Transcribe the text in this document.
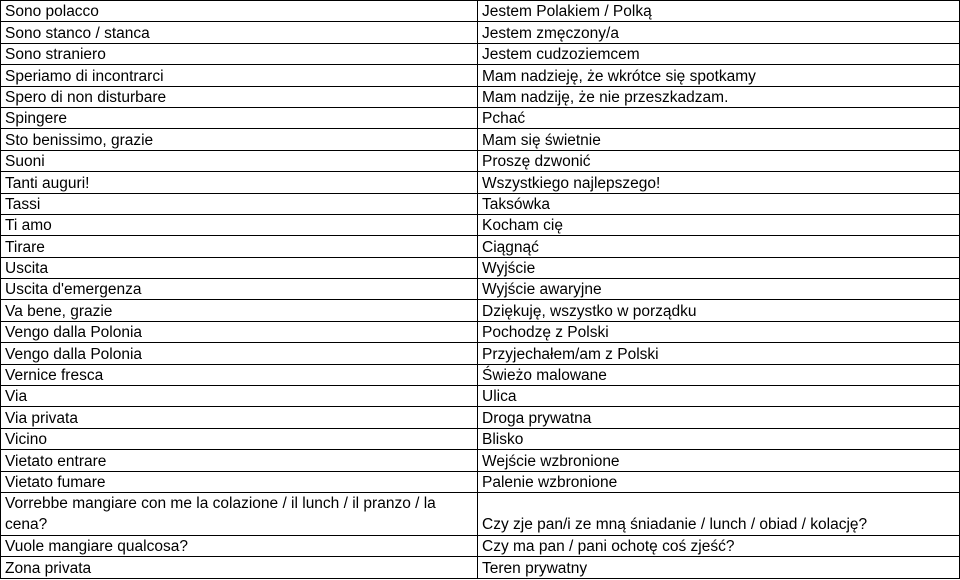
Sono polacco	Jestem Polakiem / Polką
Sono stanco / stanca	Jestem zmęczony/a
Sono straniero	Jestem cudzoziemcem
Speriamo di incontrarci	Mam nadzieję, że wkrótce się spotkamy
Spero di non disturbare	Mam nadziję, że nie przeszkadzam.
Spingere	Pchać
Sto benissimo, grazie	Mam się świetnie
Suoni	Proszę dzwonić
Tanti auguri!	Wszystkiego najlepszego!
Tassi	Taksówka
Ti amo	Kocham cię
Tirare	Ciągnąć
Uscita	Wyjście
Uscita d'emergenza	Wyjście awaryjne
Va bene, grazie	Dziękuję, wszystko w porządku
Vengo dalla Polonia	Pochodzę z Polski
Vengo dalla Polonia	Przyjechałem/am z Polski
Vernice fresca	Świeżo malowane
Via	Ulica
Via privata	Droga prywatna
Vicino	Blisko
Vietato entrare	Wejście wzbronione
Vietato fumare	Palenie wzbronione
Vorrebbe mangiare con me la colazione / il lunch / il pranzo / la cena?	Czy zje pan/i ze mną śniadanie / lunch / obiad / kolację?
Vuole mangiare qualcosa?	Czy ma pan / pani ochotę coś zjeść?
Zona privata	Teren prywatny
